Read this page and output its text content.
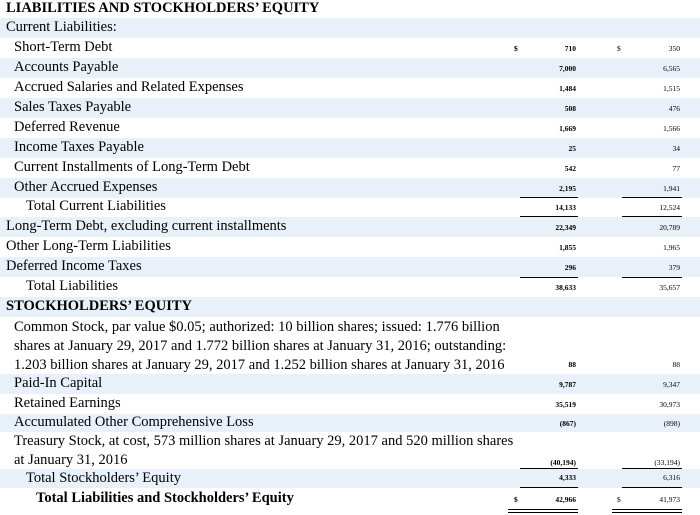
LIABILITIES AND STOCKHOLDERS’ EQUITY
Current Liabilities:
Short-Term Debt	$	710	$	350
Accounts Payable	7,000	6,565
Accrued Salaries and Related Expenses	1,484	1,515
Sales Taxes Payable	508	476
Deferred Revenue	1,669	1,566
Income Taxes Payable	25	34
Current Installments of Long-Term Debt	542	77
Other Accrued Expenses	2,195	1,941
Total Current Liabilities	14,133	12,524
Long-Term Debt, excluding current installments	22,349	20,789
Other Long-Term Liabilities	1,855	1,965
Deferred Income Taxes	296	379
Total Liabilities	38,633	35,657
STOCKHOLDERS’ EQUITY
Common Stock, par value $0.05; authorized: 10 billion shares; issued: 1.776 billion shares at January 29, 2017 and 1.772 billion shares at January 31, 2016; outstanding: 1.203 billion shares at January 29, 2017 and 1.252 billion shares at January 31, 2016	88	88
Paid-In Capital	9,787	9,347
Retained Earnings	35,519	30,973
Accumulated Other Comprehensive Loss	(867)	(898)
Treasury Stock, at cost, 573 million shares at January 29, 2017 and 520 million shares at January 31, 2016	(40,194)	(33,194)
Total Stockholders’ Equity	4,333	6,316
Total Liabilities and Stockholders’ Equity	$	42,966	$	41,973
